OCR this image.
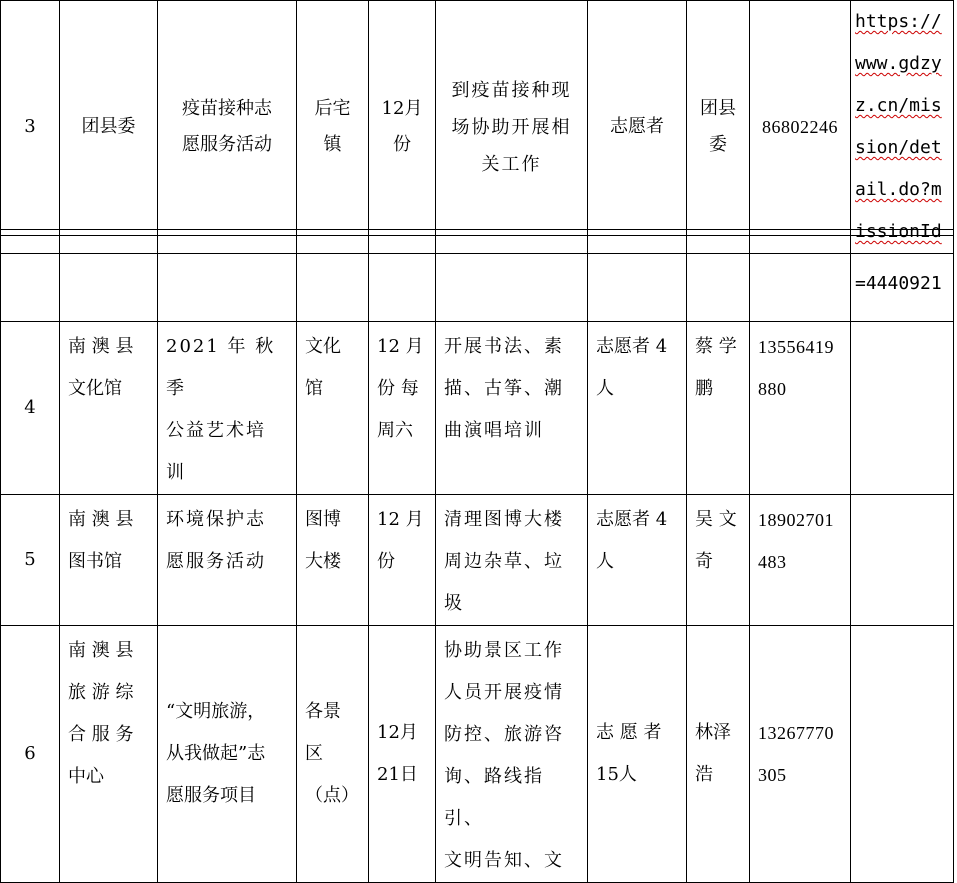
3	团县委	疫苗接种志
愿服务活动	后宅
镇	12月
份	到疫苗接种现
场协助开展相
关工作	志愿者	团县
委	86802246	
https://
www.gdzy
z.cn/mis
sion/det
ail.do?m
issionId

									=4440921

4	南 澳 县
文化馆	2021 年 秋 季
公益艺术培
训	文化
馆	12 月
份 每
周六	开展书法、素
描、古筝、潮
曲演唱培训	志愿者 4
人	蔡 学
鹏	13556419
880	
5	南 澳 县
图书馆	环境保护志
愿服务活动	图博
大楼	12 月
份	清理图博大楼
周边杂草、垃
圾	志愿者 4
人	吴 文
奇	18902701
483	
6	南 澳 县
旅 游 综
合 服 务
中心	“文明旅游，
从我做起”志
愿服务项目	各景
区
（点）	12月
21日	协助景区工作
人员开展疫情
防控、旅游咨
询、路线指引、
文明告知、文	志 愿 者
15人	林泽
浩	13267770
305	
